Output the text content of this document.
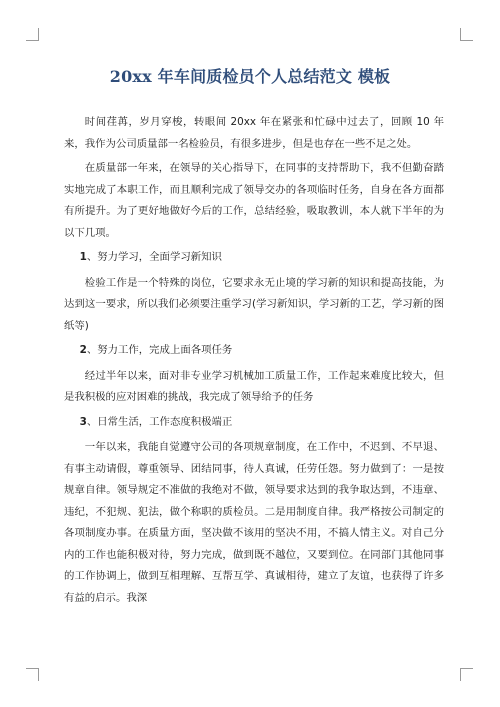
20xx 年车间质检员个人总结范文 模板

时间荏苒，岁月穿梭，转眼间 20xx 年在紧张和忙碌中过去了，回顾 10 年来，我作为公司质量部一名检验员，有很多进步，但是也存在一些不足之处。

在质量部一年来，在领导的关心指导下，在同事的支持帮助下，我不但勤奋踏实地完成了本职工作，而且顺利完成了领导交办的各项临时任务，自身在各方面都有所提升。为了更好地做好今后的工作，总结经验，吸取教训，本人就下半年的为以下几项。

1、努力学习，全面学习新知识

检验工作是一个特殊的岗位，它要求永无止境的学习新的知识和提高技能，为达到这一要求，所以我们必须要注重学习(学习新知识，学习新的工艺，学习新的图纸等)

2、努力工作，完成上面各项任务

经过半年以来，面对非专业学习机械加工质量工作，工作起来难度比较大，但是我积极的应对困难的挑战，我完成了领导给予的任务

3、日常生活，工作态度积极端正

一年以来，我能自觉遵守公司的各项规章制度，在工作中，不迟到、不早退、有事主动请假，尊重领导、团结同事，待人真诚，任劳任怨。努力做到了：一是按规章自律。领导规定不准做的我绝对不做，领导要求达到的我争取达到，不违章、违纪，不犯规、犯法，做个称职的质检员。二是用制度自律。我严格按公司制定的各项制度办事。在质量方面，坚决做不该用的坚决不用，不搞人情主义。对自己分内的工作也能积极对待，努力完成，做到既不越位，又要到位。在同部门其他同事的工作协调上，做到互相理解、互帮互学、真诚相待，建立了友谊，也获得了许多有益的启示。我深
